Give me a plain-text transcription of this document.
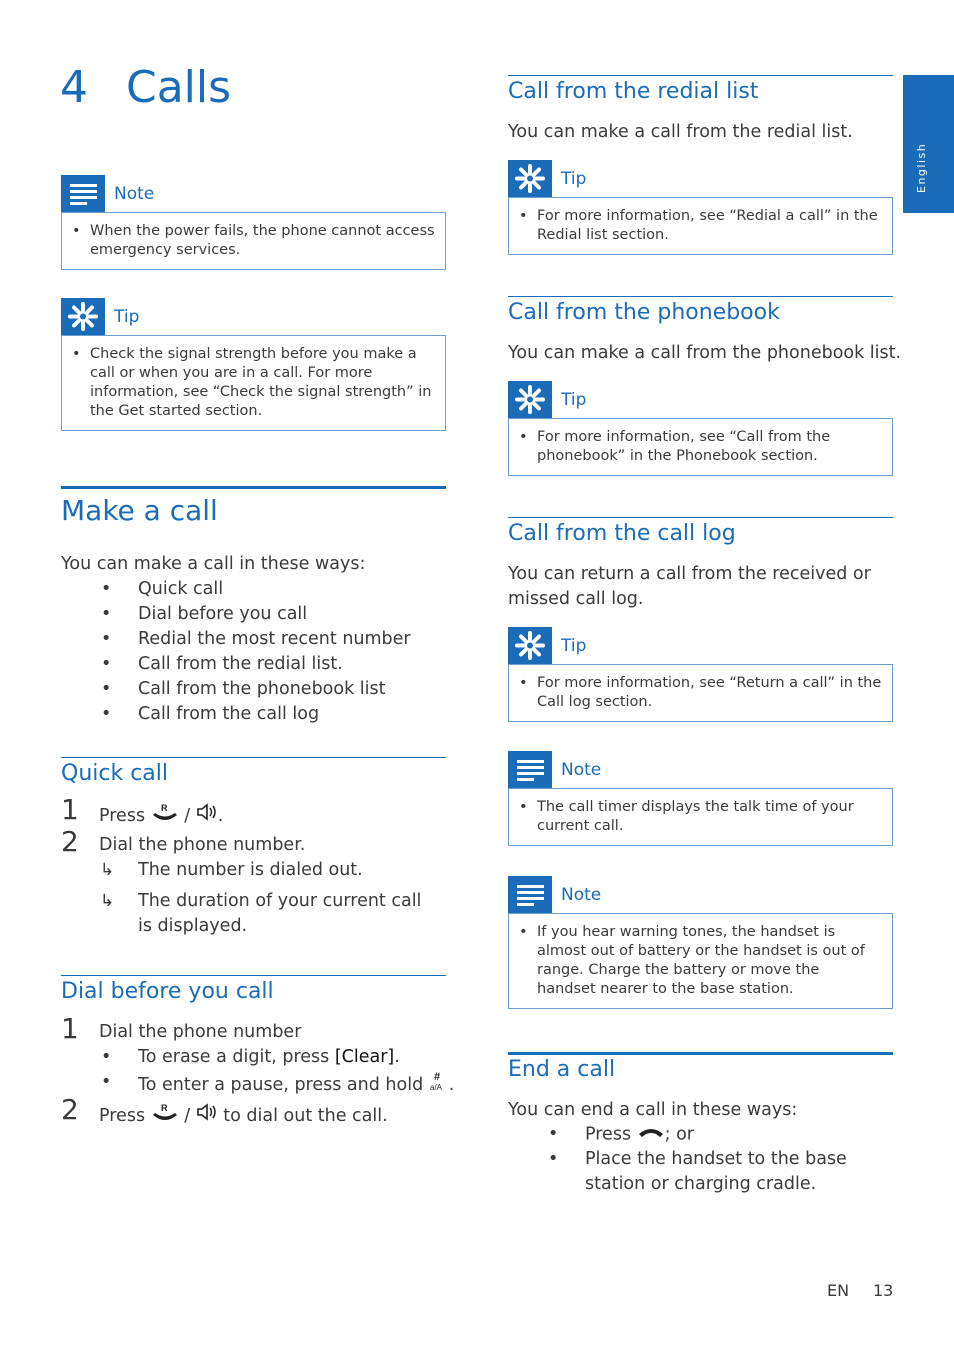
4 Calls
English
Note
• When the power fails, the phone cannot access emergency services.
Tip
• Check the signal strength before you make a call or when you are in a call. For more information, see “Check the signal strength” in the Get started section.
Make a call
You can make a call in these ways:
• Quick call
• Dial before you call
• Redial the most recent number
• Call from the redial list.
• Call from the phonebook list
• Call from the call log
Quick call
1 Press R / .
2 Dial the phone number.
↳ The number is dialed out.
↳ The duration of your current call is displayed.
Dial before you call
1 Dial the phone number
• To erase a digit, press [Clear].
• To enter a pause, press and hold #
a/A .
2 Press R / to dial out the call.
Call from the redial list
You can make a call from the redial list.
Tip
• For more information, see “Redial a call” in the Redial list section.
Call from the phonebook
You can make a call from the phonebook list.
Tip
• For more information, see “Call from the phonebook” in the Phonebook section.
Call from the call log
You can return a call from the received or missed call log.
Tip
• For more information, see “Return a call” in the Call log section.
Note
• The call timer displays the talk time of your current call.
Note
• If you hear warning tones, the handset is almost out of battery or the handset is out of range. Charge the battery or move the handset nearer to the base station.
End a call
You can end a call in these ways:
• Press ; or
• Place the handset to the base station or charging cradle.
EN 13
